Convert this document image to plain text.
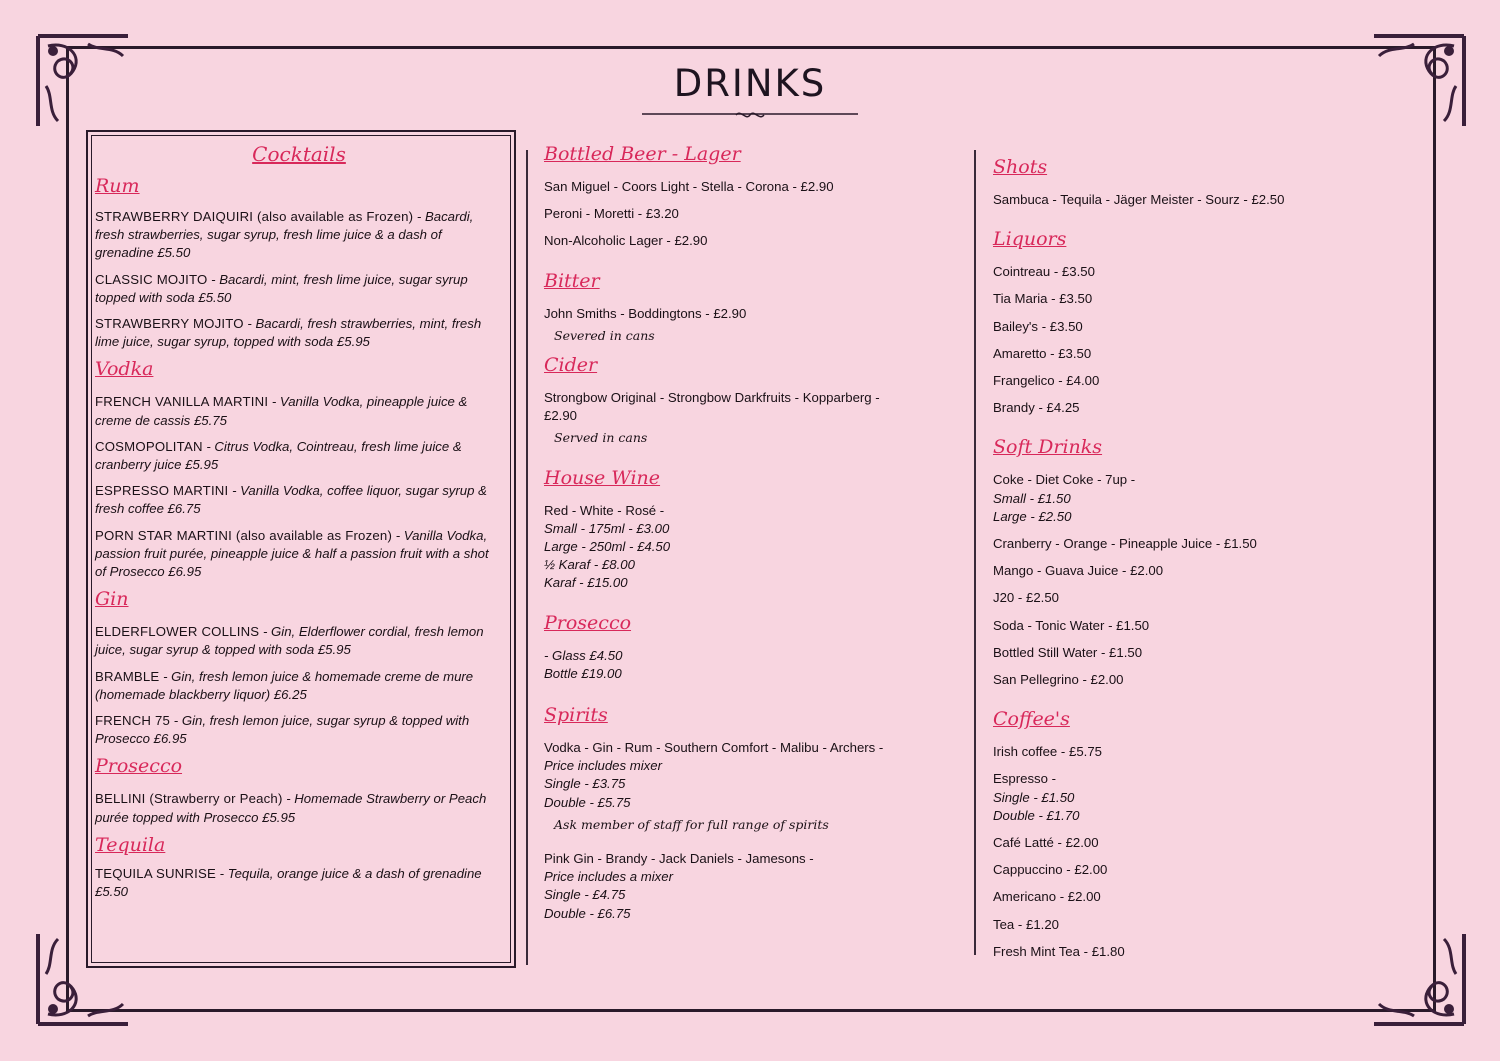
DRINKS
Cocktails
Rum

STRAWBERRY DAIQUIRI (also available as Frozen) - Bacardi, fresh strawberries, sugar syrup, fresh lime juice & a dash of grenadine £5.50

CLASSIC MOJITO - Bacardi, mint, fresh lime juice, sugar syrup topped with soda £5.50

STRAWBERRY MOJITO - Bacardi, fresh strawberries, mint, fresh lime juice, sugar syrup, topped with soda £5.95

Vodka

FRENCH VANILLA MARTINI - Vanilla Vodka, pineapple juice & creme de cassis £5.75

COSMOPOLITAN - Citrus Vodka, Cointreau, fresh lime juice & cranberry juice £5.95

ESPRESSO MARTINI - Vanilla Vodka, coffee liquor, sugar syrup & fresh coffee £6.75

PORN STAR MARTINI (also available as Frozen) - Vanilla Vodka, passion fruit purée, pineapple juice & half a passion fruit with a shot of Prosecco £6.95

Gin

ELDERFLOWER COLLINS - Gin, Elderflower cordial, fresh lemon juice, sugar syrup & topped with soda £5.95

BRAMBLE - Gin, fresh lemon juice & homemade creme de mure (homemade blackberry liquor) £6.25

FRENCH 75 - Gin, fresh lemon juice, sugar syrup & topped with Prosecco £6.95

Prosecco

BELLINI (Strawberry or Peach) - Homemade Strawberry or Peach purée topped with Prosecco £5.95

Tequila

TEQUILA SUNRISE - Tequila, orange juice & a dash of grenadine £5.50

Bottled Beer - Lager
San Miguel - Coors Light - Stella - Corona - £2.90
Peroni - Moretti - £3.20
Non-Alcoholic Lager - £2.90
Bitter
John Smiths - Boddingtons - £2.90
Severed in cans
Cider
Strongbow Original - Strongbow Darkfruits - Kopparberg -
£2.90
Served in cans
House Wine
Red - White - Rosé -
Small - 175ml - £3.00
Large - 250ml - £4.50
½ Karaf - £8.00
Karaf - £15.00
Prosecco
- Glass £4.50
Bottle £19.00
Spirits
Vodka - Gin - Rum - Southern Comfort - Malibu - Archers -
Price includes mixer
Single - £3.75
Double - £5.75
Ask member of staff for full range of spirits
Pink Gin - Brandy - Jack Daniels - Jamesons -
Price includes a mixer
Single - £4.75
Double - £6.75
Shots
Sambuca - Tequila - Jäger Meister - Sourz - £2.50
Liquors
Cointreau - £3.50
Tia Maria - £3.50
Bailey's - £3.50
Amaretto - £3.50
Frangelico - £4.00
Brandy - £4.25
Soft Drinks
Coke - Diet Coke - 7up -
Small - £1.50
Large - £2.50
Cranberry - Orange - Pineapple Juice - £1.50
Mango - Guava Juice - £2.00
J20 - £2.50
Soda - Tonic Water - £1.50
Bottled Still Water - £1.50
San Pellegrino - £2.00
Coffee's
Irish coffee - £5.75
Espresso -
Single - £1.50
Double - £1.70
Café Latté - £2.00
Cappuccino - £2.00
Americano - £2.00
Tea - £1.20
Fresh Mint Tea - £1.80
